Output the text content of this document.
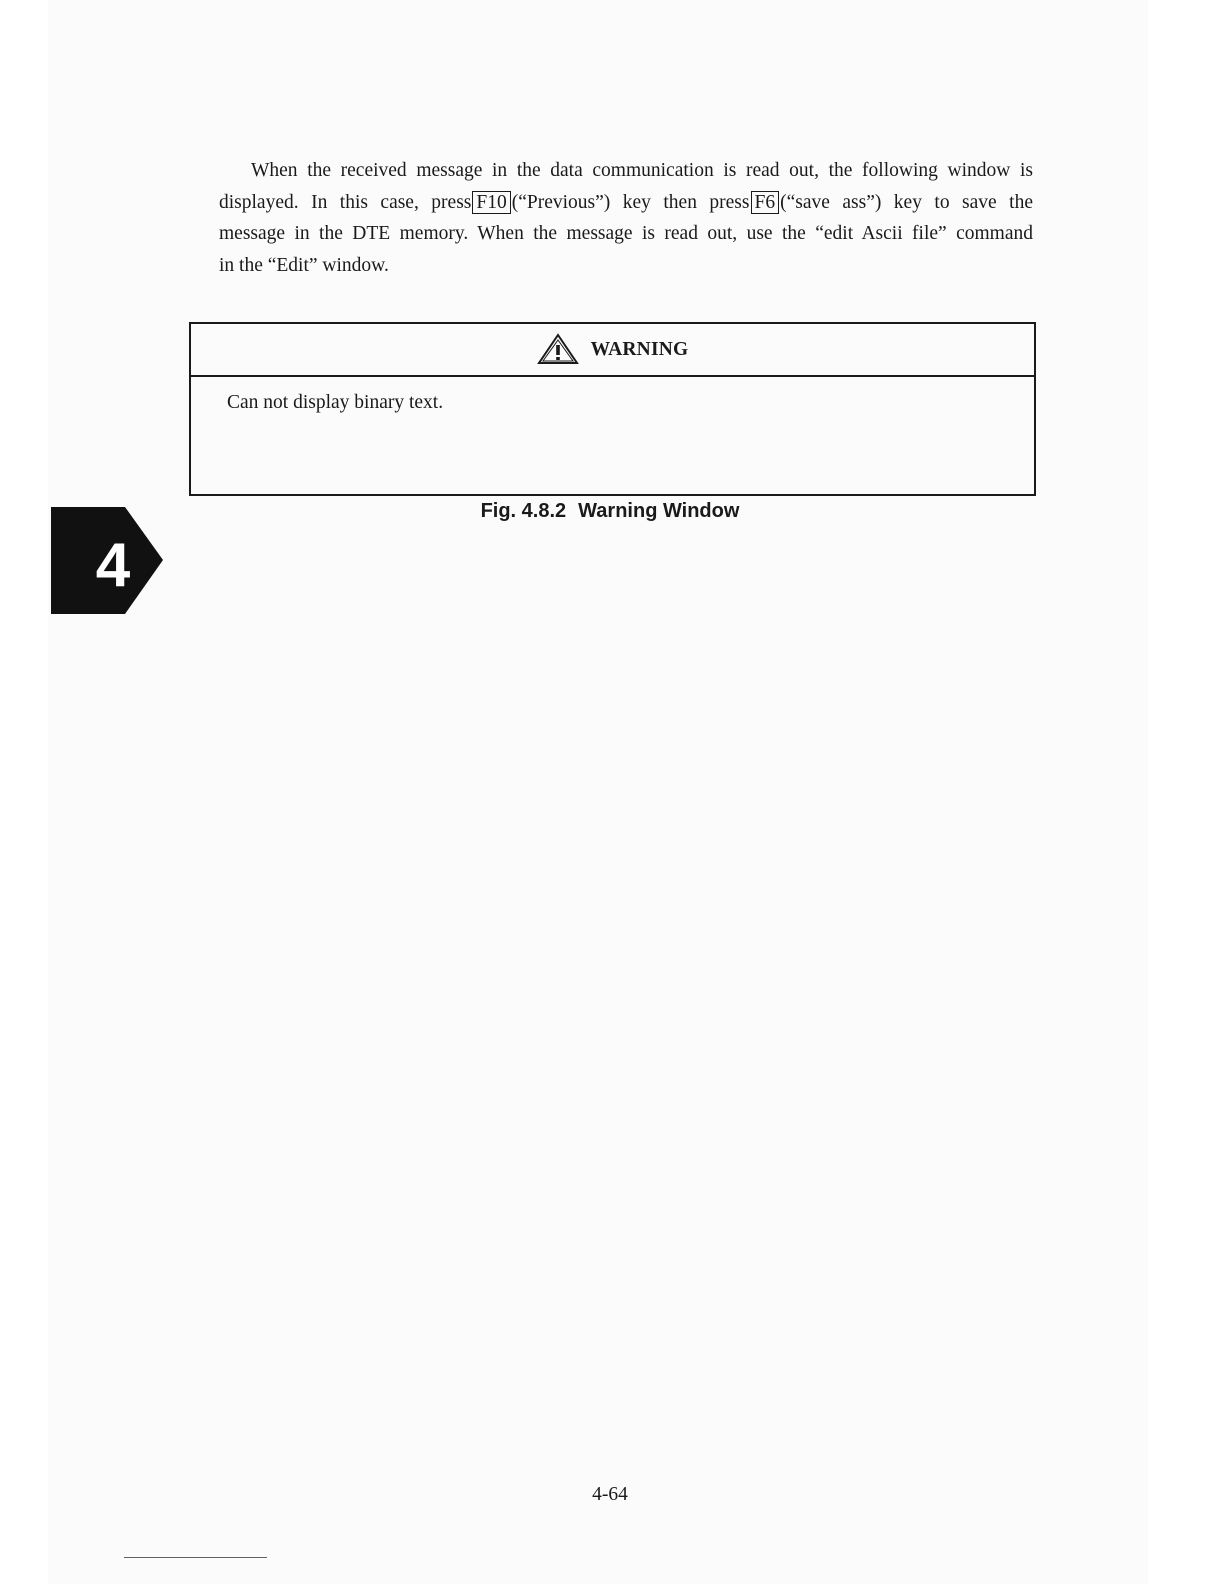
When the received message in the data communication is read out, the following window is
displayed. In this case, press F10 (“Previous”) key then press F6 (“save ass”) key to save the
message in the DTE memory. When the message is read out, use the “edit Ascii file” command
in the “Edit” window.

WARNING
Can not display binary text.
Fig. 4.8.2 Warning Window
4
4-64
